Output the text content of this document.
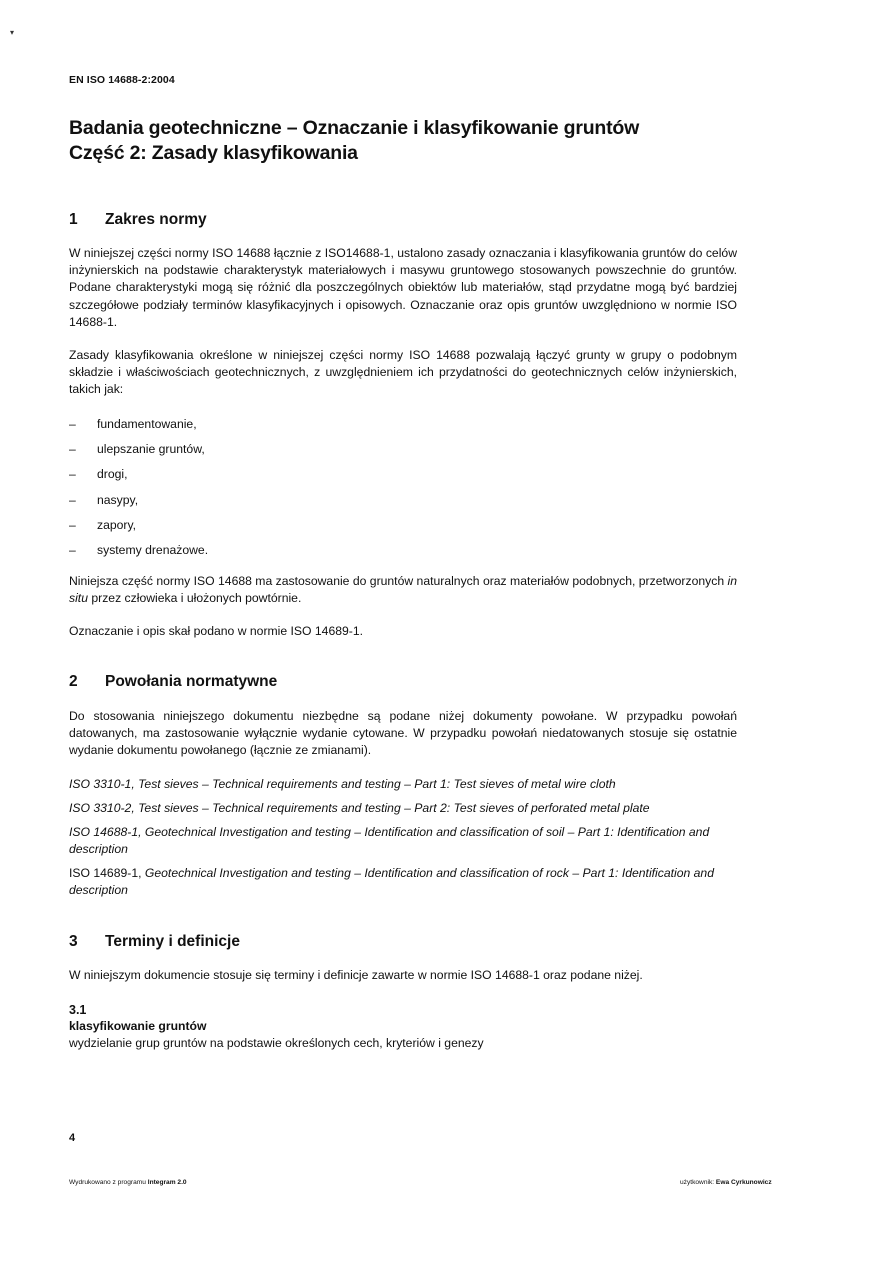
▾
EN ISO 14688-2:2004
Badania geotechniczne – Oznaczanie i klasyfikowanie gruntów
Część 2: Zasady klasyfikowania
1 Zakres normy
W niniejszej części normy ISO 14688 łącznie z ISO14688-1, ustalono zasady oznaczania i klasyfikowania gruntów do celów inżynierskich na podstawie charakterystyk materiałowych i masywu gruntowego stosowanych powszechnie do gruntów. Podane charakterystyki mogą się różnić dla poszczególnych obiektów lub materiałów, stąd przydatne mogą być bardziej szczegółowe podziały terminów klasyfikacyjnych i opisowych. Oznaczanie oraz opis gruntów uwzględniono w normie ISO 14688-1.
Zasady klasyfikowania określone w niniejszej części normy ISO 14688 pozwalają łączyć grunty w grupy o podobnym składzie i właściwościach geotechnicznych, z uwzględnieniem ich przydatności do geotechnicznych celów inżynierskich, takich jak:
– fundamentowanie,
– ulepszanie gruntów,
– drogi,
– nasypy,
– zapory,
– systemy drenażowe.
Niniejsza część normy ISO 14688 ma zastosowanie do gruntów naturalnych oraz materiałów podobnych, przetworzonych in situ przez człowieka i ułożonych powtórnie.
Oznaczanie i opis skał podano w normie ISO 14689-1.
2 Powołania normatywne
Do stosowania niniejszego dokumentu niezbędne są podane niżej dokumenty powołane. W przypadku powołań datowanych, ma zastosowanie wyłącznie wydanie cytowane. W przypadku powołań niedatowanych stosuje się ostatnie wydanie dokumentu powołanego (łącznie ze zmianami).
ISO 3310-1, Test sieves – Technical requirements and testing – Part 1: Test sieves of metal wire cloth
ISO 3310-2, Test sieves – Technical requirements and testing – Part 2: Test sieves of perforated metal plate
ISO 14688-1, Geotechnical Investigation and testing – Identification and classification of soil – Part 1: Identification and description
ISO 14689-1, Geotechnical Investigation and testing – Identification and classification of rock – Part 1: Identification and description
3 Terminy i definicje
W niniejszym dokumencie stosuje się terminy i definicje zawarte w normie ISO 14688-1 oraz podane niżej.
3.1
klasyfikowanie gruntów
wydzielanie grup gruntów na podstawie określonych cech, kryteriów i genezy
4
Wydrukowano z programu Integram 2.0	użytkownik: Ewa Cyrkunowicz
